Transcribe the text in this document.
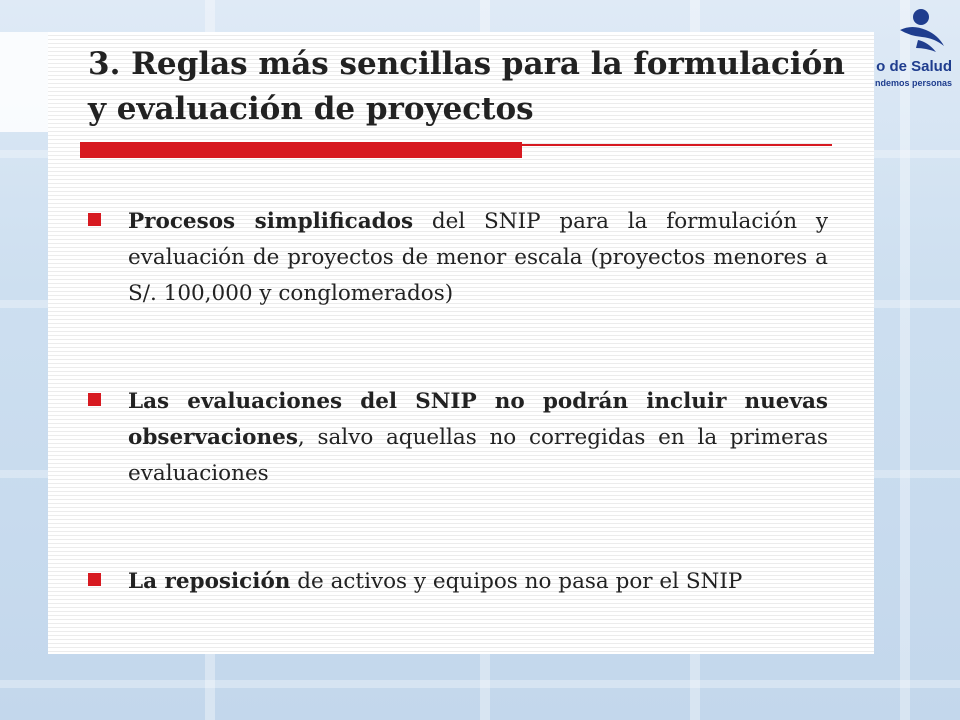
o de Salud
ndemos personas
3. Reglas más sencillas para la formulación y evaluación de proyectos
Procesos simplificados del SNIP para la formulación y evaluación de proyectos de menor escala (proyectos menores a S/. 100,000 y conglomerados)
Las evaluaciones del SNIP no podrán incluir nuevas observaciones, salvo aquellas no corregidas en la primeras evaluaciones
La reposición de activos y equipos no pasa por el SNIP
